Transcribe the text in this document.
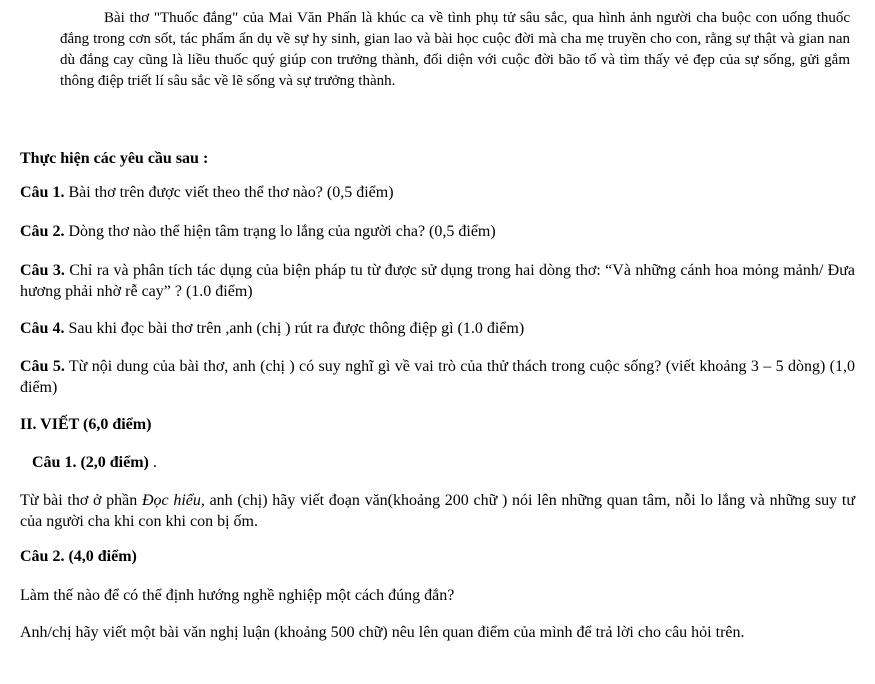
Bài thơ "Thuốc đắng" của Mai Văn Phấn là khúc ca về tình phụ tử sâu sắc, qua hình ảnh người cha buộc con uống thuốc đắng trong cơn sốt, tác phẩm ẩn dụ về sự hy sinh, gian lao và bài học cuộc đời mà cha mẹ truyền cho con, rằng sự thật và gian nan dù đắng cay cũng là liều thuốc quý giúp con trưởng thành, đối diện với cuộc đời bão tố và tìm thấy vẻ đẹp của sự sống, gửi gắm thông điệp triết lí sâu sắc về lẽ sống và sự trưởng thành.

Thực hiện các yêu cầu sau :

Câu 1. Bài thơ trên được viết theo thể thơ nào? (0,5 điểm)

Câu 2. Dòng thơ nào thể hiện tâm trạng lo lắng của người cha? (0,5 điểm)

Câu 3. Chỉ ra và phân tích tác dụng của biện pháp tu từ được sử dụng trong hai dòng thơ: “Và những cánh hoa mỏng mảnh/ Đưa hương phải nhờ rễ cay” ? (1.0 điểm)

Câu 4. Sau khi đọc bài thơ trên ,anh (chị ) rút ra được thông điệp gì (1.0 điểm)

Câu 5. Từ nội dung của bài thơ, anh (chị ) có suy nghĩ gì về vai trò của thử thách trong cuộc sống? (viết khoảng 3 – 5 dòng) (1,0 điểm)

II. VIẾT (6,0 điểm)

Câu 1. (2,0 điểm) .

Từ bài thơ ở phần Đọc hiểu, anh (chị) hãy viết đoạn văn(khoảng 200 chữ ) nói lên những quan tâm, nỗi lo lắng và những suy tư của người cha khi con khi con bị ốm.

Câu 2. (4,0 điểm)

Làm thế nào để có thể định hướng nghề nghiệp một cách đúng đắn?

Anh/chị hãy viết một bài văn nghị luận (khoảng 500 chữ) nêu lên quan điểm của mình để trả lời cho câu hỏi trên.
